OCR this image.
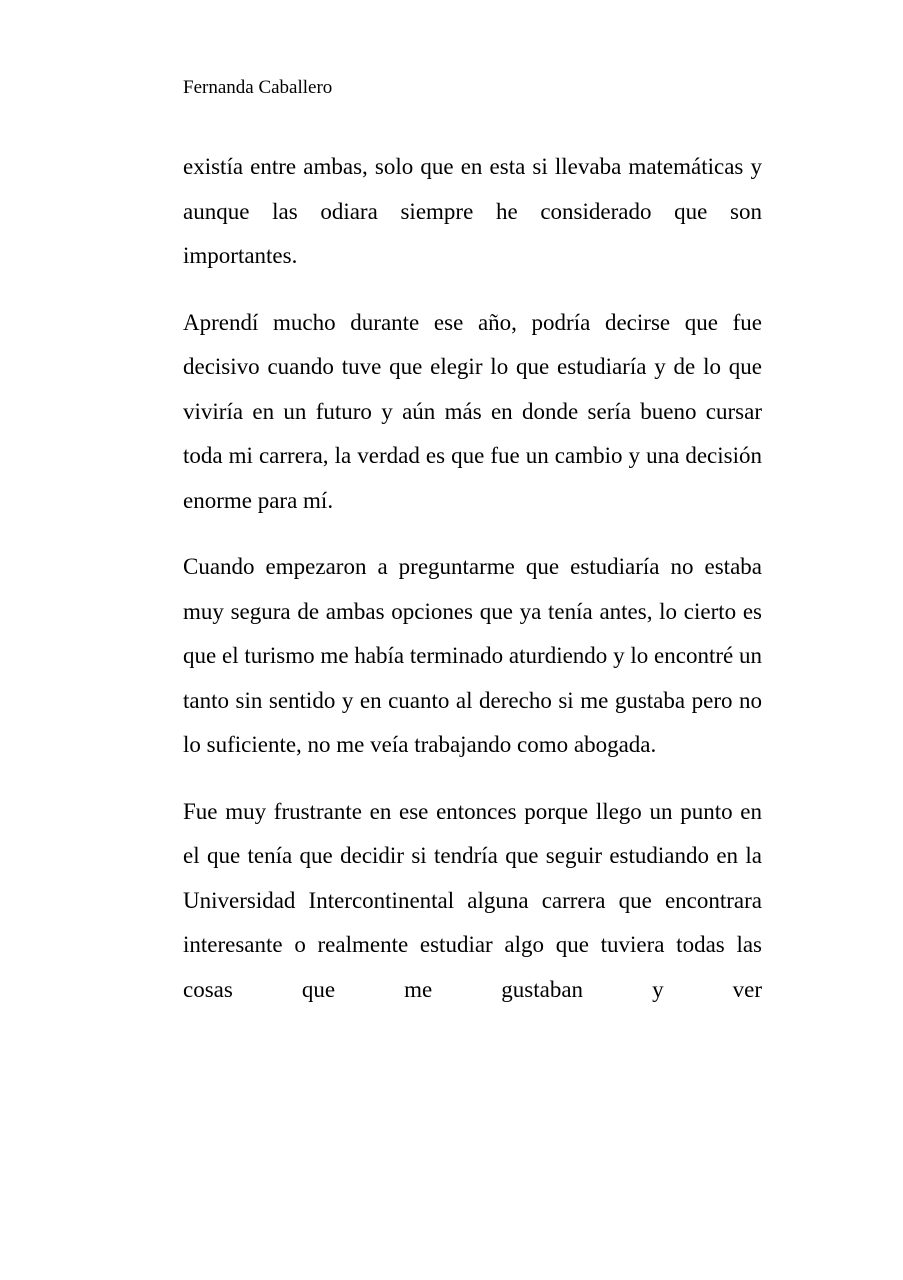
Fernanda Caballero

existía entre ambas, solo que en esta si llevaba matemáticas y aunque las odiara siempre he considerado que son importantes.

Aprendí mucho durante ese año, podría decirse que fue decisivo cuando tuve que elegir lo que estudiaría y de lo que viviría en un futuro y aún más en donde sería bueno cursar toda mi carrera, la verdad es que fue un cambio y una decisión enorme para mí.

Cuando empezaron a preguntarme que estudiaría no estaba muy segura de ambas opciones que ya tenía antes, lo cierto es que el turismo me había terminado aturdiendo y lo encontré un tanto sin sentido y en cuanto al derecho si me gustaba pero no lo suficiente, no me veía trabajando como abogada.

Fue muy frustrante en ese entonces porque llego un punto en el que tenía que decidir si tendría que seguir estudiando en la Universidad Intercontinental alguna carrera que encontrara interesante o realmente estudiar algo que tuviera todas las cosas que me gustaban y ver
